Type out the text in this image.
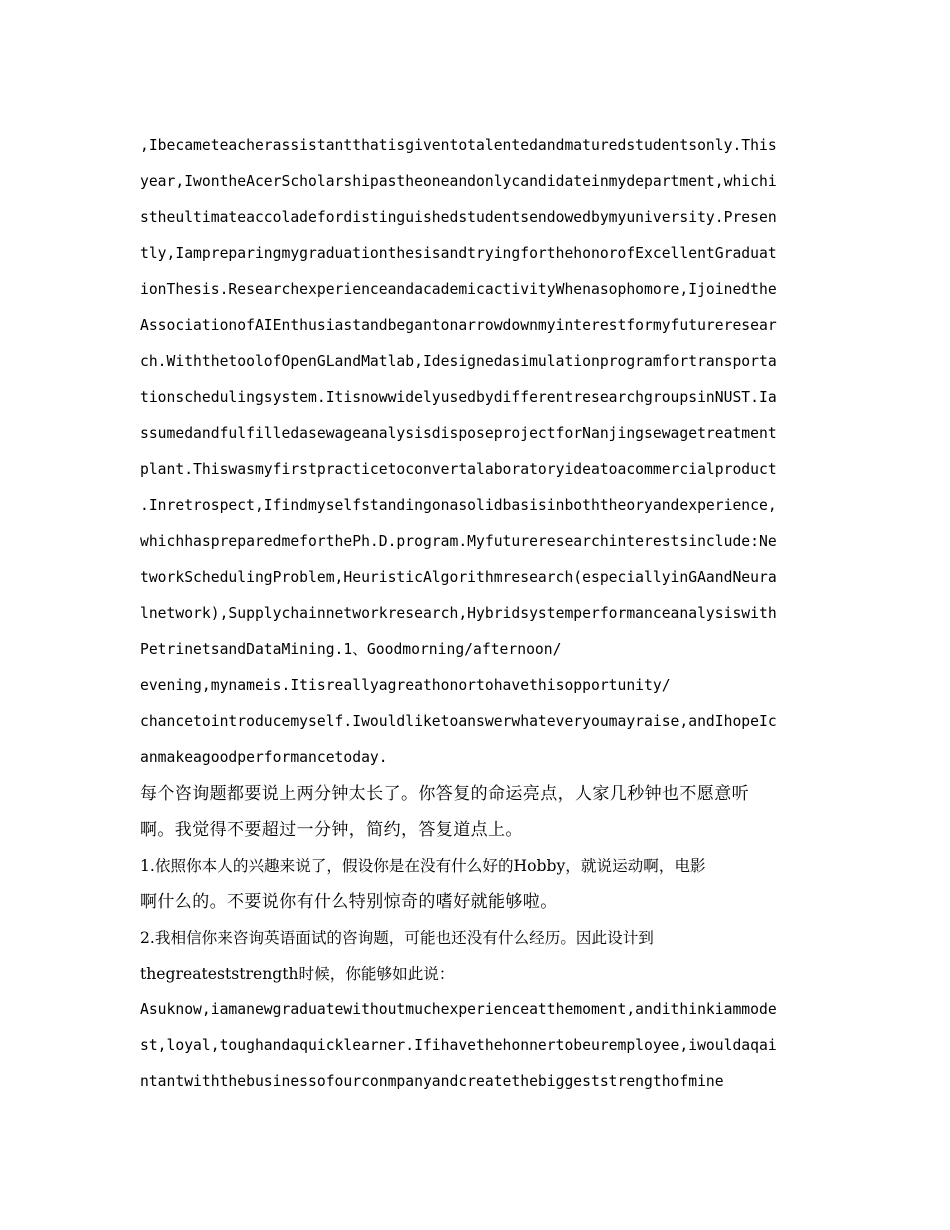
,Ibecameteacherassistantthatisgiventotalentedandmaturedstudentsonly.This
year,IwontheAcerScholarshipastheoneandonlycandidateinmydepartment,whichi
stheultimateaccoladefordistinguishedstudentsendowedbymyuniversity.Presen
tly,IampreparingmygraduationthesisandtryingforthehonorofExcellentGraduat
ionThesis.ResearchexperienceandacademicactivityWhenasophomore,Ijoinedthe
AssociationofAIEnthusiastandbegantonarrowdownmyinterestformyfutureresear
ch.WiththetoolofOpenGLandMatlab,Idesignedasimulationprogramfortransporta
tionschedulingsystem.ItisnowwidelyusedbydifferentresearchgroupsinNUST.Ia
ssumedandfulfilledasewageanalysisdisposeprojectforNanjingsewagetreatment
plant.Thiswasmyfirstpracticetoconvertalaboratoryideatoacommercialproduct
.Inretrospect,Ifindmyselfstandingonasolidbasisinboththeoryandexperience,
whichhaspreparedmeforthePh.D.program.Myfutureresearchinterestsinclude:Ne
tworkSchedulingProblem,HeuristicAlgorithmresearch(especiallyinGAandNeura
lnetwork),Supplychainnetworkresearch,Hybridsystemperformanceanalysiswith
PetrinetsandDataMining.1、Goodmorning/afternoon/
evening,mynameis.Itisreallyagreathonortohavethisopportunity/
chancetointroducemyself.Iwouldliketoanswerwhateveryoumayraise,andIhopeIc
anmakeagoodperformancetoday.
每个咨询题都要说上两分钟太长了。你答复的命运亮点，人家几秒钟也不愿意听
啊。我觉得不要超过一分钟，简约，答复道点上。
1.依照你本人的兴趣来说了，假设你是在没有什么好的Hobby，就说运动啊，电影
啊什么的。不要说你有什么特别惊奇的嗜好就能够啦。
2.我相信你来咨询英语面试的咨询题，可能也还没有什么经历。因此设计到
thegreateststrength时候，你能够如此说：
Asuknow,iamanewgraduatewithoutmuchexperienceatthemoment,andithinkiammode
st,loyal,toughandaquicklearner.Ifihavethehonnertobeuremployee,iwouldaqai
ntantwiththebusinessofourconmpanyandcreatethebiggeststrengthofmine
